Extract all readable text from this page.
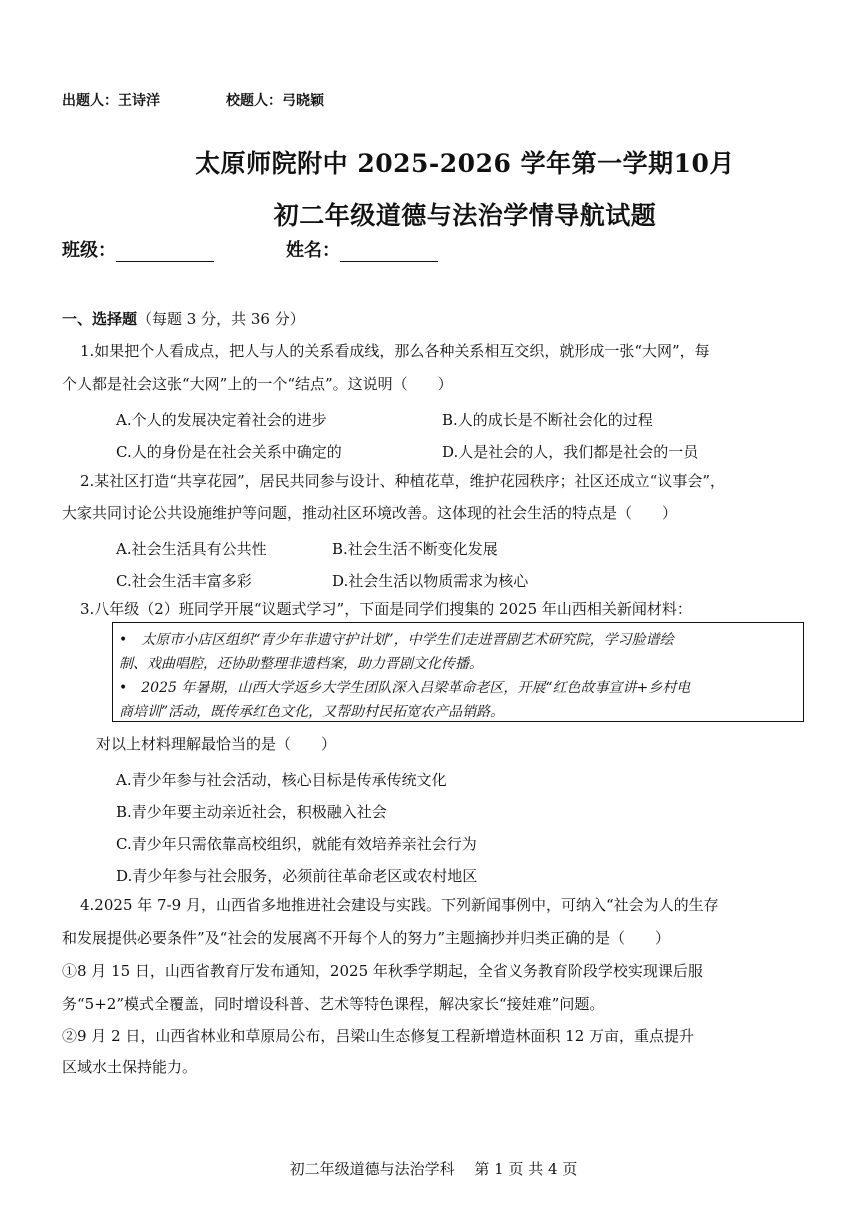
出题人：王诗洋	校题人：弓晓颖
太原师院附中 2025-2026 学年第一学期10月
初二年级道德与法治学情导航试题
班级：	姓名：
一、选择题（每题 3 分，共 36 分）
1.如果把个人看成点，把人与人的关系看成线，那么各种关系相互交织，就形成一张“大网”，每
个人都是社会这张“大网”上的一个“结点”。这说明（　　）
A.个人的发展决定着社会的进步	B.人的成长是不断社会化的过程
C.人的身份是在社会关系中确定的	D.人是社会的人，我们都是社会的一员
2.某社区打造“共享花园”，居民共同参与设计、种植花草，维护花园秩序；社区还成立“议事会”，
大家共同讨论公共设施维护等问题，推动社区环境改善。这体现的社会生活的特点是（　　）
A.社会生活具有公共性	B.社会生活不断变化发展
C.社会生活丰富多彩	D.社会生活以物质需求为核心
3.八年级（2）班同学开展“议题式学习”，下面是同学们搜集的 2025 年山西相关新闻材料：
•　太原市小店区组织“青少年非遗守护计划”，中学生们走进晋剧艺术研究院，学习脸谱绘
制、戏曲唱腔，还协助整理非遗档案，助力晋剧文化传播。
•　2025 年暑期，山西大学返乡大学生团队深入吕梁革命老区，开展“红色故事宣讲+乡村电
商培训”活动，既传承红色文化，又帮助村民拓宽农产品销路。
对以上材料理解最恰当的是（　　）
A.青少年参与社会活动，核心目标是传承传统文化
B.青少年要主动亲近社会，积极融入社会
C.青少年只需依靠高校组织，就能有效培养亲社会行为
D.青少年参与社会服务，必须前往革命老区或农村地区
4.2025 年 7-9 月，山西省多地推进社会建设与实践。下列新闻事例中，可纳入“社会为人的生存
和发展提供必要条件”及“社会的发展离不开每个人的努力”主题摘抄并归类正确的是（　　）
①8 月 15 日，山西省教育厅发布通知，2025 年秋季学期起，全省义务教育阶段学校实现课后服
务“5+2”模式全覆盖，同时增设科普、艺术等特色课程，解决家长“接娃难”问题。
②9 月 2 日，山西省林业和草原局公布，吕梁山生态修复工程新增造林面积 12 万亩，重点提升
区域水土保持能力。
初二年级道德与法治学科　 第 1 页 共 4 页
